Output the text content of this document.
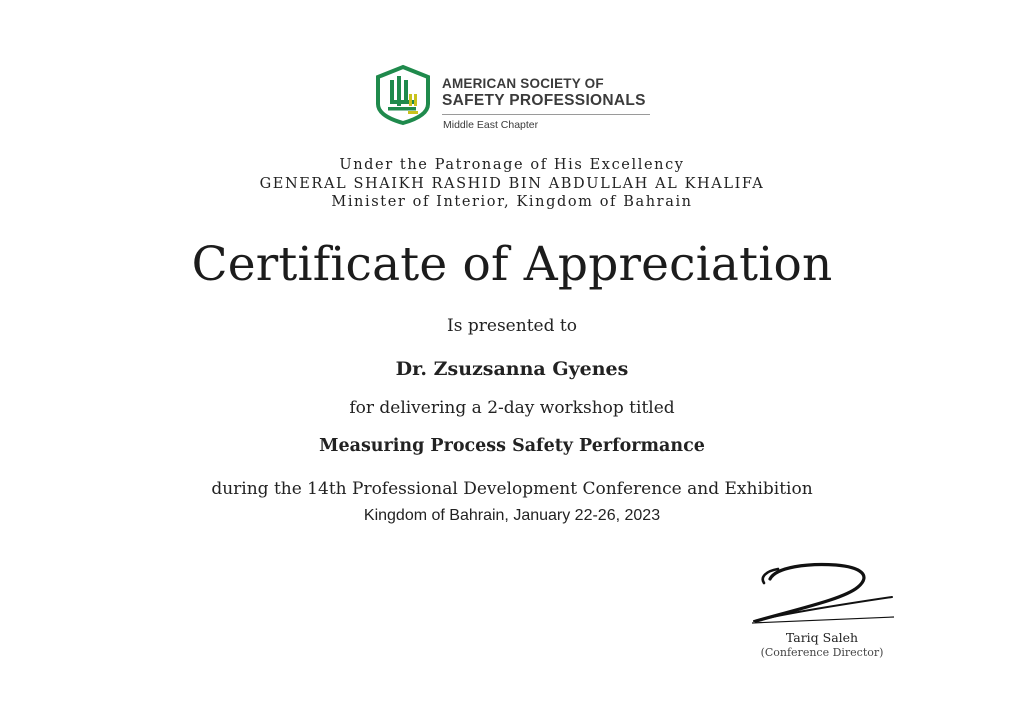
AMERICAN SOCIETY OF
SAFETY PROFESSIONALS
Middle East Chapter
Under the Patronage of His Excellency
GENERAL SHAIKH RASHID BIN ABDULLAH AL KHALIFA
Minister of Interior, Kingdom of Bahrain
Certificate of Appreciation
Is presented to
Dr. Zsuzsanna Gyenes
for delivering a 2-day workshop titled
Measuring Process Safety Performance
during the 14th Professional Development Conference and Exhibition
Kingdom of Bahrain, January 22-26, 2023
Tariq Saleh
(Conference Director)
